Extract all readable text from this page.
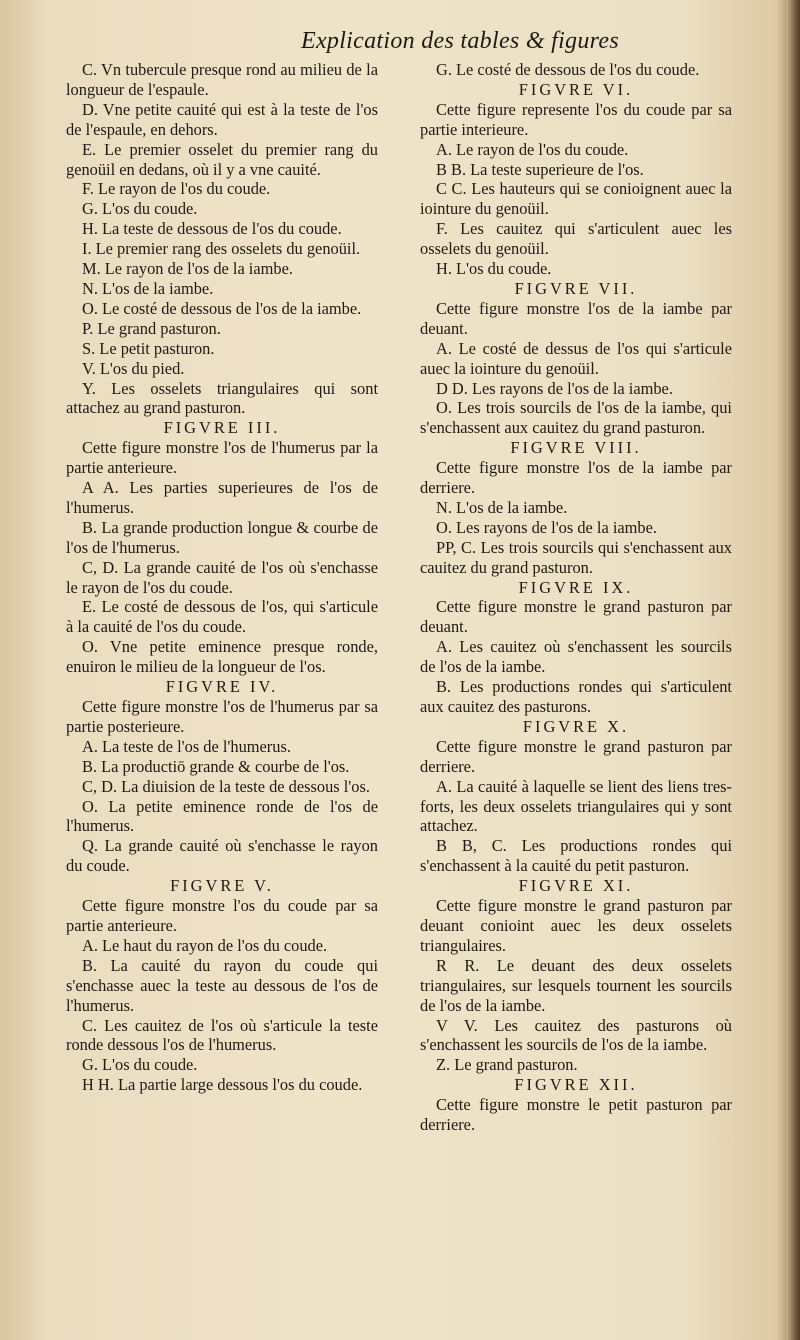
Explication des tables & figures

C. Vn tubercule presque rond au milieu de la longueur de l'espaule.

D. Vne petite cauité qui est à la teste de l'os de l'espaule, en dehors.

E. Le premier osselet du premier rang du genoüil en dedans, où il y a vne cauité.

F. Le rayon de l'os du coude.

G. L'os du coude.

H. La teste de dessous de l'os du coude.

I. Le premier rang des osselets du genoüil.

M. Le rayon de l'os de la iambe.

N. L'os de la iambe.

O. Le costé de dessous de l'os de la iambe.

P. Le grand pasturon.

S. Le petit pasturon.

V. L'os du pied.

Y. Les osselets triangulaires qui sont attachez au grand pasturon.

FIGVRE III.

Cette figure monstre l'os de l'humerus par la partie anterieure.

A A. Les parties superieures de l'os de l'humerus.

B. La grande production longue & courbe de l'os de l'humerus.

C, D. La grande cauité de l'os où s'enchasse le rayon de l'os du coude.

E. Le costé de dessous de l'os, qui s'articule à la cauité de l'os du coude.

O. Vne petite eminence presque ronde, enuiron le milieu de la longueur de l'os.

FIGVRE IV.

Cette figure monstre l'os de l'humerus par sa partie posterieure.

A. La teste de l'os de l'humerus.

B. La productiō grande & courbe de l'os.

C, D. La diuision de la teste de dessous l'os.

O. La petite eminence ronde de l'os de l'humerus.

Q. La grande cauité où s'enchasse le rayon du coude.

FIGVRE V.

Cette figure monstre l'os du coude par sa partie anterieure.

A. Le haut du rayon de l'os du coude.

B. La cauité du rayon du coude qui s'enchasse auec la teste au dessous de l'os de l'humerus.

C. Les cauitez de l'os où s'articule la teste ronde dessous l'os de l'humerus.

G. L'os du coude.

H H. La partie large dessous l'os du coude.

G. Le costé de dessous de l'os du coude.

FIGVRE VI.

Cette figure represente l'os du coude par sa partie interieure.

A. Le rayon de l'os du coude.

B B. La teste superieure de l'os.

C C. Les hauteurs qui se conioignent auec la iointure du genoüil.

F. Les cauitez qui s'articulent auec les osselets du genoüil.

H. L'os du coude.

FIGVRE VII.

Cette figure monstre l'os de la iambe par deuant.

A. Le costé de dessus de l'os qui s'articule auec la iointure du genoüil.

D D. Les rayons de l'os de la iambe.

O. Les trois sourcils de l'os de la iambe, qui s'enchassent aux cauitez du grand pasturon.

FIGVRE VIII.

Cette figure monstre l'os de la iambe par derriere.

N. L'os de la iambe.

O. Les rayons de l'os de la iambe.

PP, C. Les trois sourcils qui s'enchassent aux cauitez du grand pasturon.

FIGVRE IX.

Cette figure monstre le grand pasturon par deuant.

A. Les cauitez où s'enchassent les sourcils de l'os de la iambe.

B. Les productions rondes qui s'articulent aux cauitez des pasturons.

FIGVRE X.

Cette figure monstre le grand pasturon par derriere.

A. La cauité à laquelle se lient des liens tres-forts, les deux osselets triangulaires qui y sont attachez.

B B, C. Les productions rondes qui s'enchassent à la cauité du petit pasturon.

FIGVRE XI.

Cette figure monstre le grand pasturon par deuant conioint auec les deux osselets triangulaires.

R R. Le deuant des deux osselets triangulaires, sur lesquels tournent les sourcils de l'os de la iambe.

V V. Les cauitez des pasturons où s'enchassent les sourcils de l'os de la iambe.

Z. Le grand pasturon.

FIGVRE XII.

Cette figure monstre le petit pasturon par derriere.
